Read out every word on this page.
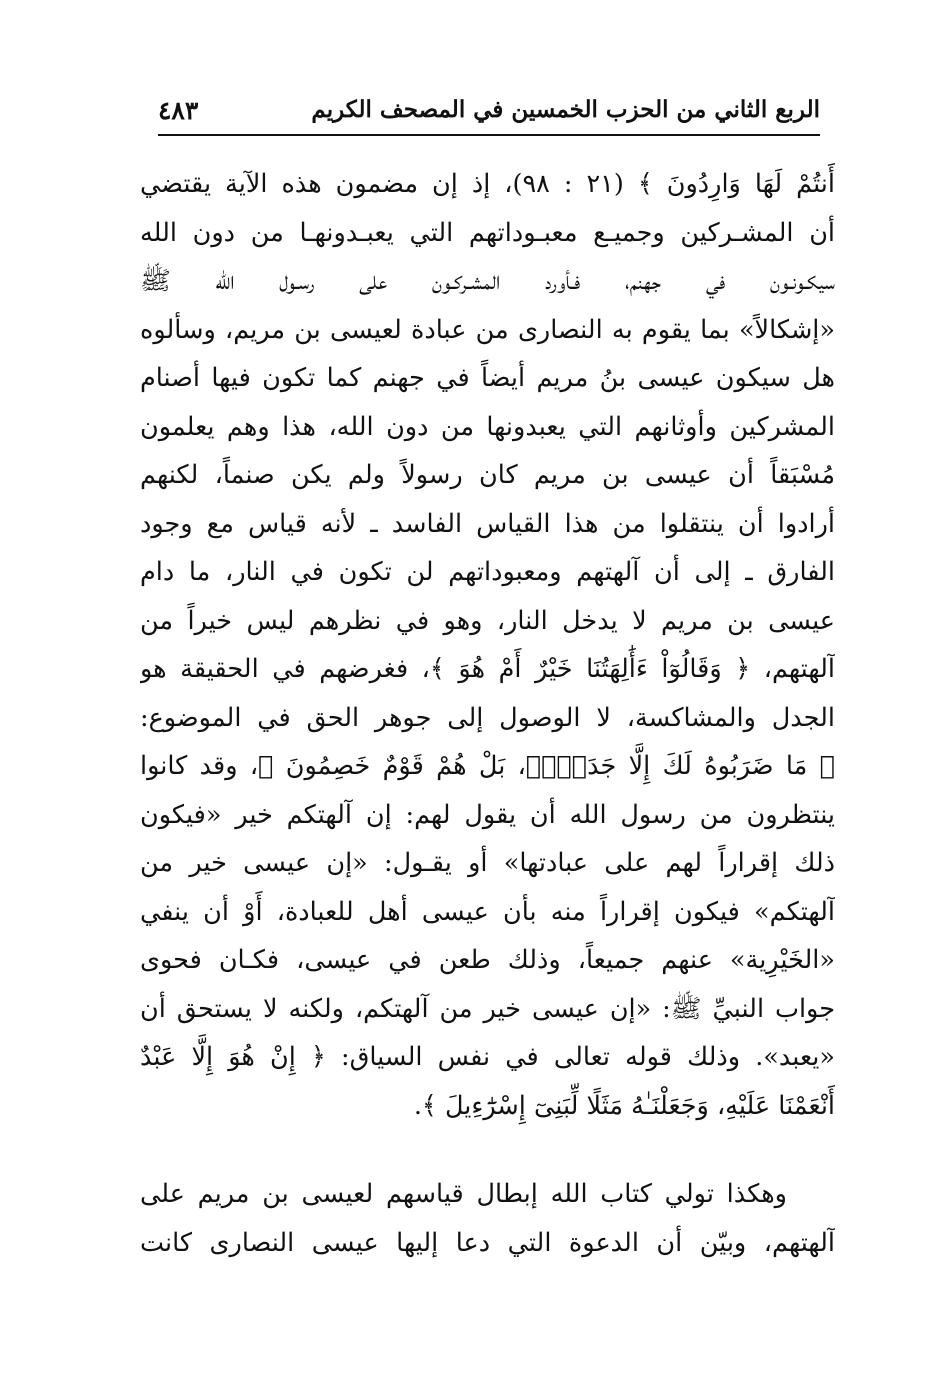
الربع الثاني من الحزب الخمسين في المصحف الكريم
٤٨٣
أَنتُمْ لَهَا وَارِدُونَ ﴾ (٢١ : ٩٨)، إذ إن مضمون هذه الآية يقتضي
أن المشـركين وجميـع معبـوداتهم التي يعبـدونهـا من دون الله
سيكـونـون في جهنم، فـأورد المشـركـون على رسـول الله ﷺ
«إشكالاً» بما يقوم به النصارى من عبادة لعيسى بن مريم، وسألوه
هل سيكون عيسى بنُ مريم أيضاً في جهنم كما تكون فيها أصنام
المشركين وأوثانهم التي يعبدونها من دون الله، هذا وهم يعلمون
مُسْبَقاً أن عيسى بن مريم كان رسولاً ولم يكن صنماً، لكنهم
أرادوا أن ينتقلوا من هذا القياس الفاسد ـ لأنه قياس مع وجود
الفارق ـ إلى أن آلهتهم ومعبوداتهم لن تكون في النار، ما دام
عيسى بن مريم لا يدخل النار، وهو في نظرهم ليس خيراً من
آلهتهم، ﴿ وَقَالُوٓاْ ءَأَٰلِهَتُنَا خَيْرٌ أَمْ هُوَ ﴾، فغرضهم في الحقيقة هو
الجدل والمشاكسة، لا الوصول إلى جوهر الحق في الموضوع:
﴿ مَا ضَرَبُوهُ لَكَ إِلَّا جَدَلَاۢ، بَلْ هُمْ قَوْمٌ خَصِمُونَ ﴾، وقد كانوا
ينتظرون من رسول الله أن يقول لهم: إن آلهتكم خير «فيكون
ذلك إقراراً لهم على عبادتها» أو يقـول: «إن عيسى خير من
آلهتكم» فيكون إقراراً منه بأن عيسى أهل للعبادة، أَوْ أن ينفي
«الخَيْرِية» عنهم جميعاً، وذلك طعن في عيسى، فكـان فحوى
جواب النبيِّ ﷺ: «إن عيسى خير من آلهتكم، ولكنه لا يستحق أن
«يعبد». وذلك قوله تعالى في نفس السياق: ﴿ إِنْ هُوَ إِلَّا عَبْدٌ
أَنْعَمْنَا عَلَيْهِ، وَجَعَلْنَـٰهُ مَثَلًا لِّبَنِىٓ إِسْرَٰٓءِيلَ ﴾.
وهكذا تولي كتاب الله إبطال قياسهم لعيسى بن مريم على
آلهتهم، وبيّن أن الدعوة التي دعا إليها عيسى النصارى كانت
